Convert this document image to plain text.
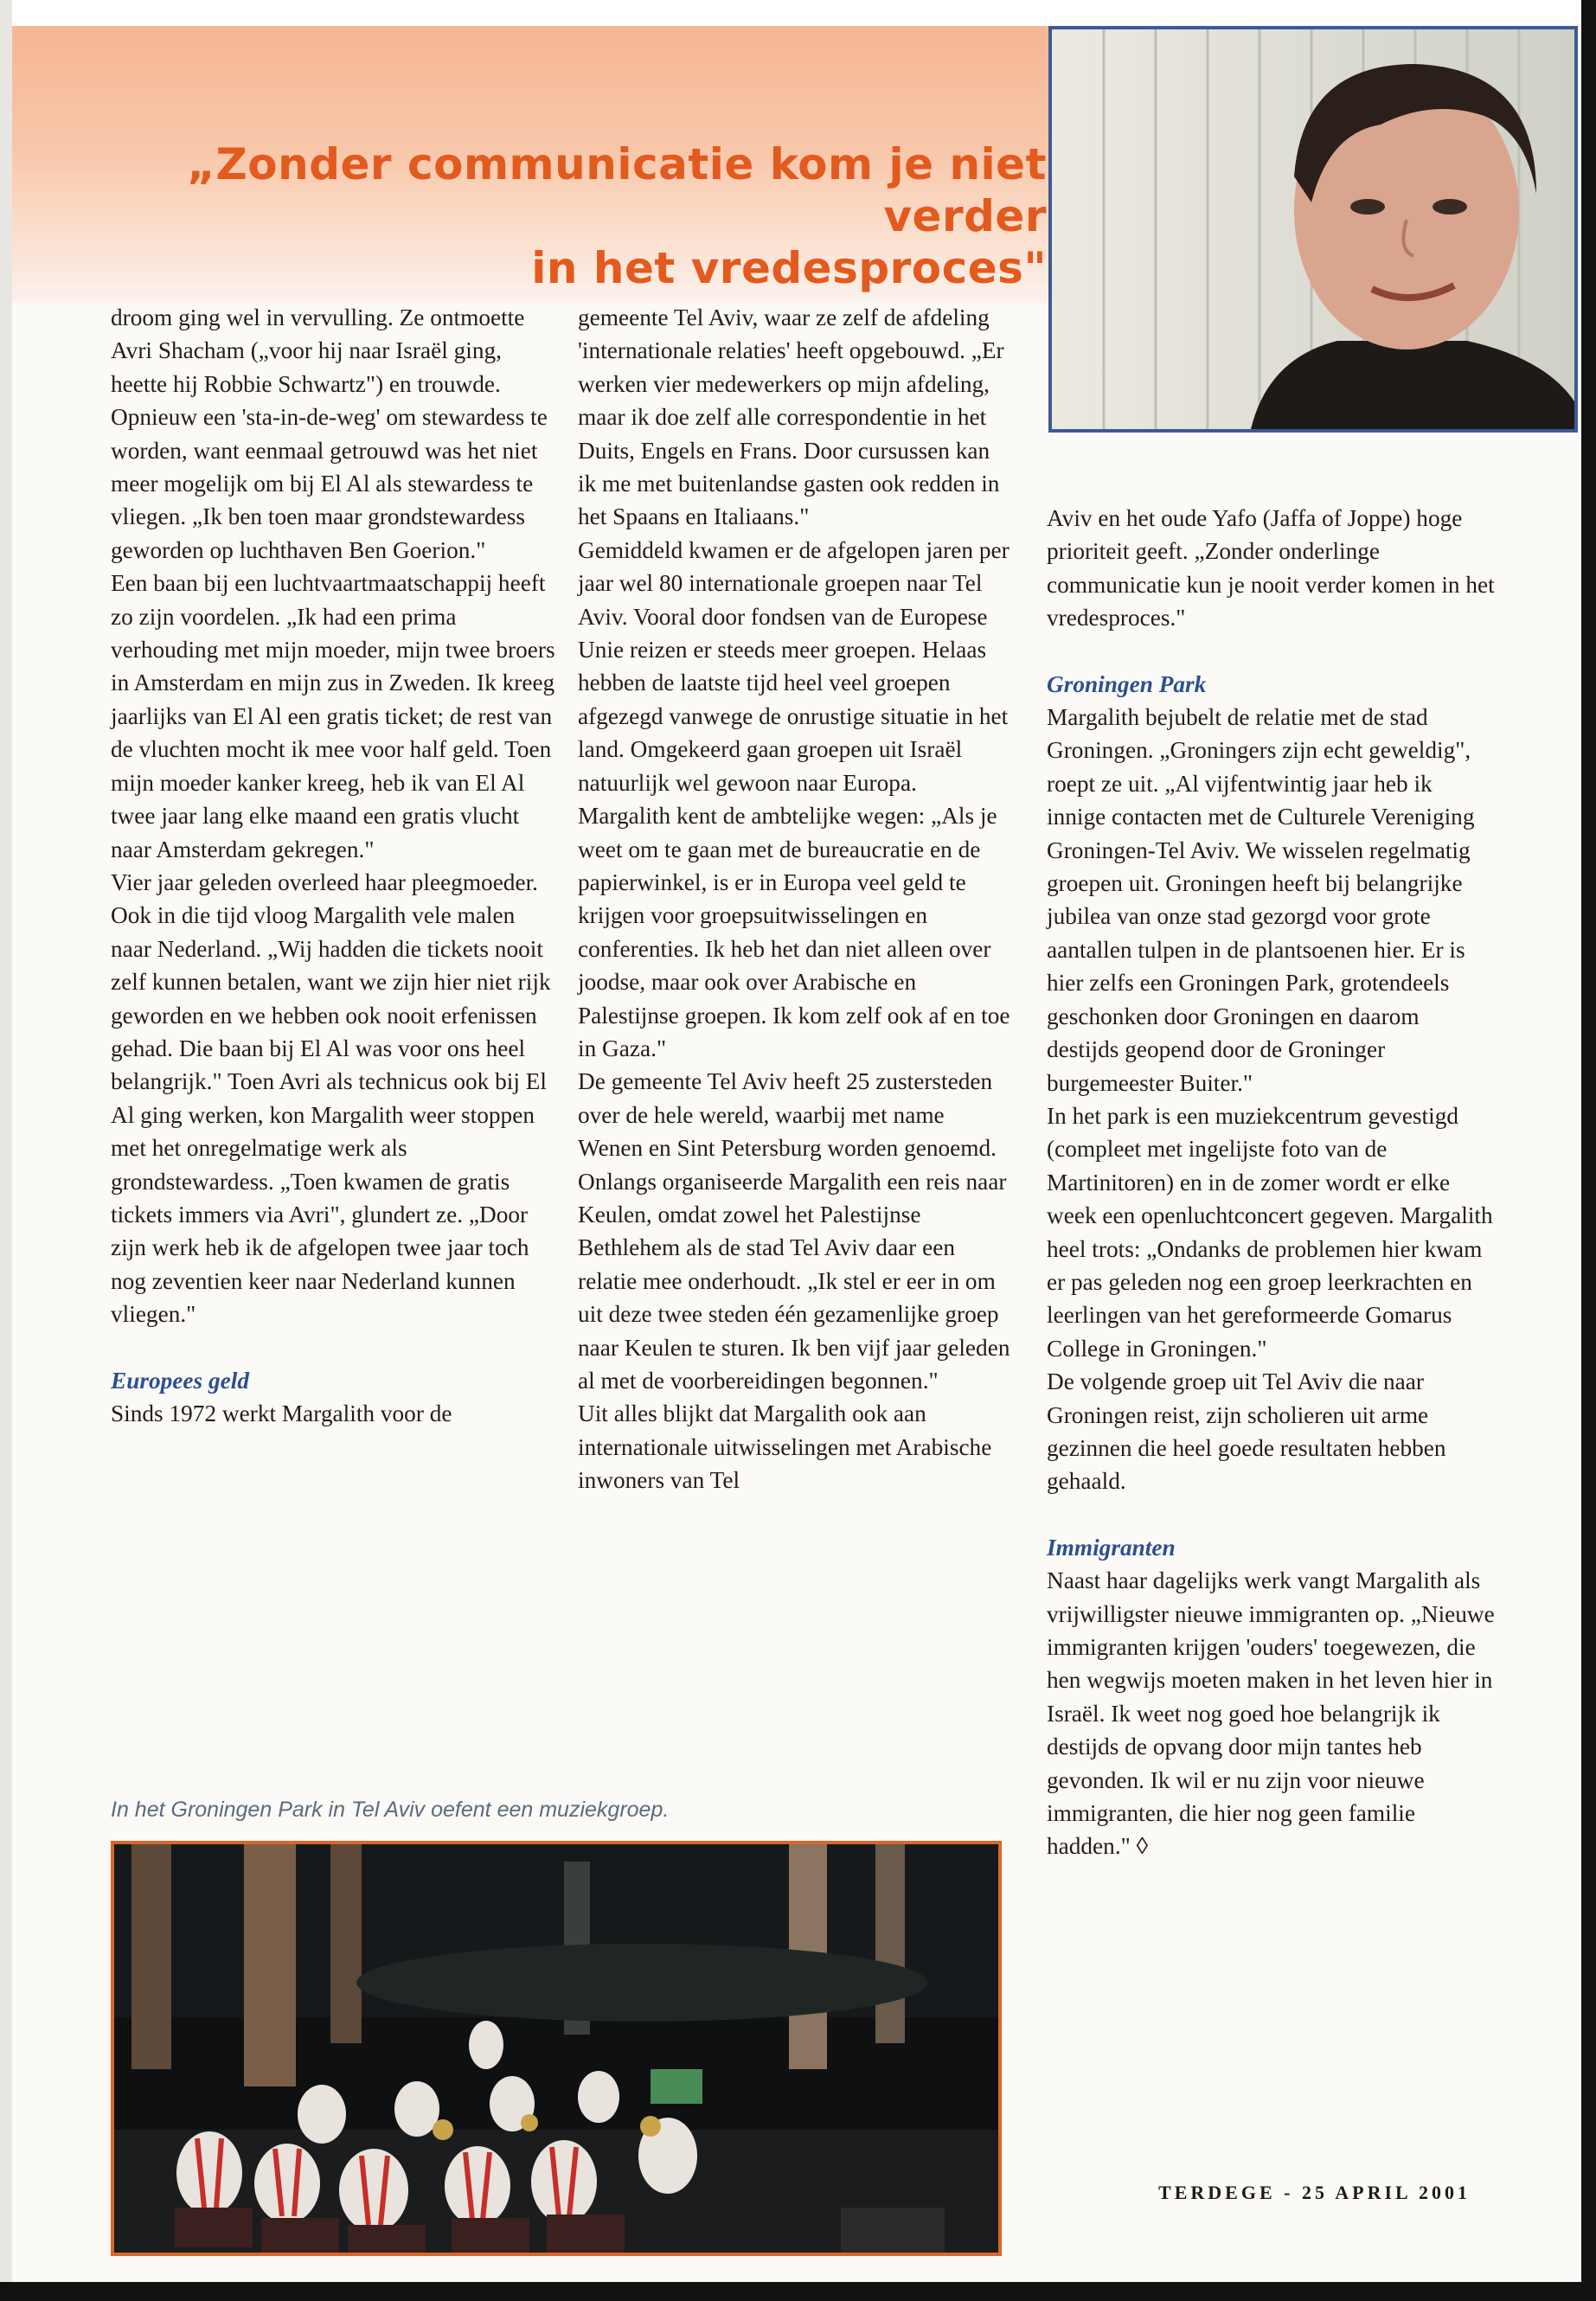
„Zonder communicatie kom je niet verder
in het vredesproces"

droom ging wel in vervulling. Ze ontmoette Avri Shacham („voor hij naar Israël ging, heette hij Robbie Schwartz") en trouwde. Opnieuw een 'sta-in-de-weg' om stewardess te worden, want eenmaal getrouwd was het niet meer mogelijk om bij El Al als stewardess te vliegen. „Ik ben toen maar grondstewardess geworden op luchthaven Ben Goerion."

Een baan bij een luchtvaartmaatschappij heeft zo zijn voordelen. „Ik had een prima verhouding met mijn moeder, mijn twee broers in Amsterdam en mijn zus in Zweden. Ik kreeg jaarlijks van El Al een gratis ticket; de rest van de vluchten mocht ik mee voor half geld. Toen mijn moeder kanker kreeg, heb ik van El Al twee jaar lang elke maand een gratis vlucht naar Amsterdam gekregen."

Vier jaar geleden overleed haar pleegmoeder. Ook in die tijd vloog Margalith vele malen naar Nederland. „Wij hadden die tickets nooit zelf kunnen betalen, want we zijn hier niet rijk geworden en we hebben ook nooit erfenissen gehad. Die baan bij El Al was voor ons heel belangrijk." Toen Avri als technicus ook bij El Al ging werken, kon Margalith weer stoppen met het onregelmatige werk als grondstewardess. „Toen kwamen de gratis tickets immers via Avri", glundert ze. „Door zijn werk heb ik de afgelopen twee jaar toch nog zeventien keer naar Nederland kunnen vliegen."

Europees geld

Sinds 1972 werkt Margalith voor de

gemeente Tel Aviv, waar ze zelf de afdeling 'internationale relaties' heeft opgebouwd. „Er werken vier medewerkers op mijn afdeling, maar ik doe zelf alle correspondentie in het Duits, Engels en Frans. Door cursussen kan ik me met buitenlandse gasten ook redden in het Spaans en Italiaans."

Gemiddeld kwamen er de afgelopen jaren per jaar wel 80 internationale groepen naar Tel Aviv. Vooral door fondsen van de Europese Unie reizen er steeds meer groepen. Helaas hebben de laatste tijd heel veel groepen afgezegd vanwege de onrustige situatie in het land. Omgekeerd gaan groepen uit Israël natuurlijk wel gewoon naar Europa.

Margalith kent de ambtelijke wegen: „Als je weet om te gaan met de bureaucratie en de papierwinkel, is er in Europa veel geld te krijgen voor groepsuitwisselingen en conferenties. Ik heb het dan niet alleen over joodse, maar ook over Arabische en Palestijnse groepen. Ik kom zelf ook af en toe in Gaza."

De gemeente Tel Aviv heeft 25 zustersteden over de hele wereld, waarbij met name Wenen en Sint Petersburg worden genoemd.

Onlangs organiseerde Margalith een reis naar Keulen, omdat zowel het Palestijnse Bethlehem als de stad Tel Aviv daar een relatie mee onderhoudt. „Ik stel er eer in om uit deze twee steden één gezamenlijke groep naar Keulen te sturen. Ik ben vijf jaar geleden al met de voorbereidingen begonnen."

Uit alles blijkt dat Margalith ook aan internationale uitwisselingen met Arabische inwoners van Tel

Aviv en het oude Yafo (Jaffa of Joppe) hoge prioriteit geeft. „Zonder onderlinge communicatie kun je nooit verder komen in het vredesproces."

Groningen Park

Margalith bejubelt de relatie met de stad Groningen. „Groningers zijn echt geweldig", roept ze uit. „Al vijfentwintig jaar heb ik innige contacten met de Culturele Vereniging Groningen-Tel Aviv. We wisselen regelmatig groepen uit. Groningen heeft bij belangrijke jubilea van onze stad gezorgd voor grote aantallen tulpen in de plantsoenen hier. Er is hier zelfs een Groningen Park, grotendeels geschonken door Groningen en daarom destijds geopend door de Groninger burgemeester Buiter."

In het park is een muziekcentrum gevestigd (compleet met ingelijste foto van de Martinitoren) en in de zomer wordt er elke week een openluchtconcert gegeven. Margalith heel trots: „Ondanks de problemen hier kwam er pas geleden nog een groep leerkrachten en leerlingen van het gereformeerde Gomarus College in Groningen."

De volgende groep uit Tel Aviv die naar Groningen reist, zijn scholieren uit arme gezinnen die heel goede resultaten hebben gehaald.

Immigranten

Naast haar dagelijks werk vangt Margalith als vrijwilligster nieuwe immigranten op. „Nieuwe immigranten krijgen 'ouders' toegewezen, die hen wegwijs moeten maken in het leven hier in Israël. Ik weet nog goed hoe belangrijk ik destijds de opvang door mijn tantes heb gevonden. Ik wil er nu zijn voor nieuwe immigranten, die hier nog geen familie hadden." ◊

In het Groningen Park in Tel Aviv oefent een muziekgroep.
TERDEGE - 25 APRIL 2001
